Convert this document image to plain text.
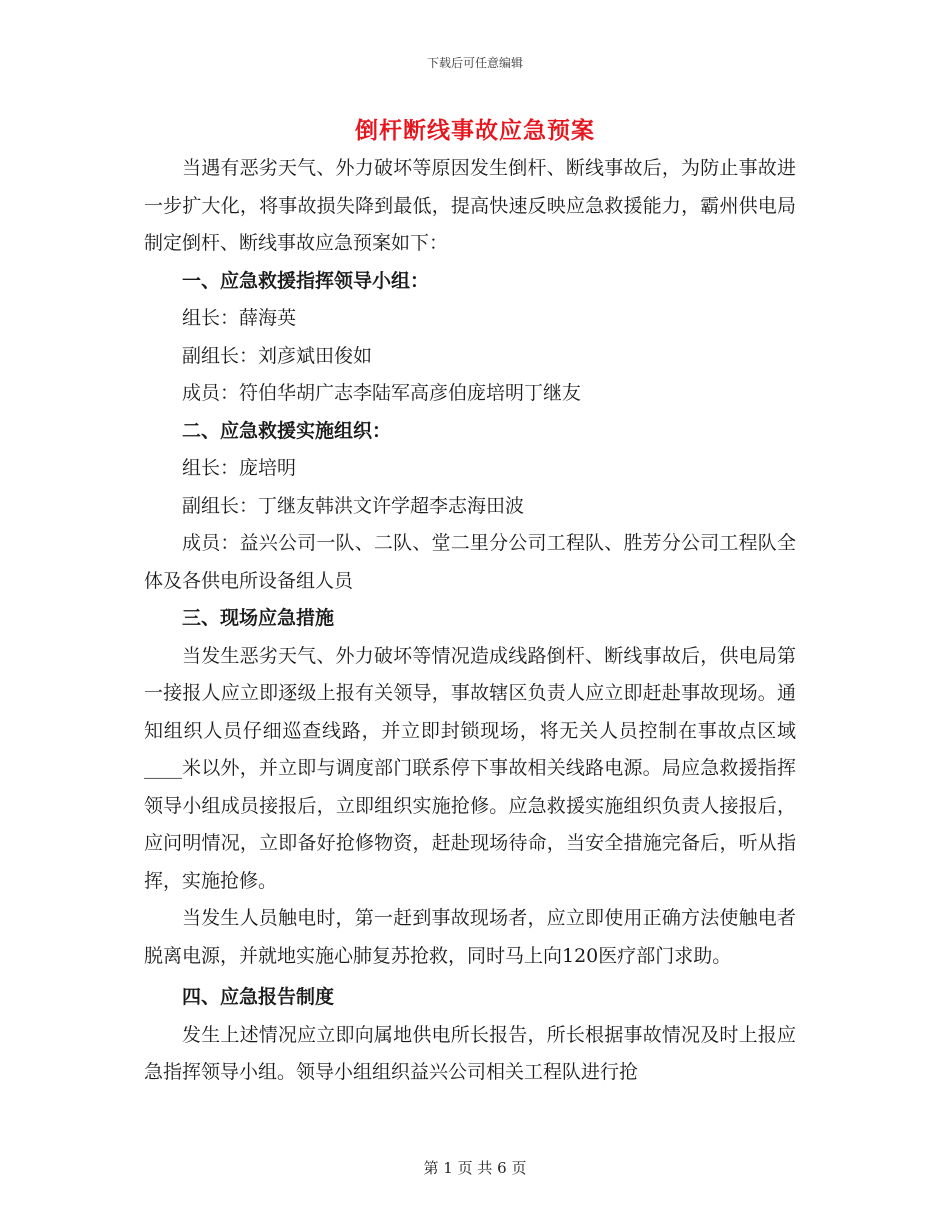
下载后可任意编辑
倒杆断线事故应急预案

当遇有恶劣天气、外力破坏等原因发生倒杆、断线事故后，为防止事故进一步扩大化，将事故损失降到最低，提高快速反映应急救援能力，霸州供电局制定倒杆、断线事故应急预案如下：

一、应急救援指挥领导小组：

组长：薛海英

副组长：刘彦斌田俊如

成员：符伯华胡广志李陆军高彦伯庞培明丁继友

二、应急救援实施组织：

组长：庞培明

副组长：丁继友韩洪文许学超李志海田波

成员：益兴公司一队、二队、堂二里分公司工程队、胜芳分公司工程队全体及各供电所设备组人员

三、现场应急措施

当发生恶劣天气、外力破坏等情况造成线路倒杆、断线事故后，供电局第一接报人应立即逐级上报有关领导，事故辖区负责人应立即赶赴事故现场。通知组织人员仔细巡查线路，并立即封锁现场，将无关人员控制在事故点区域____米以外，并立即与调度部门联系停下事故相关线路电源。局应急救援指挥领导小组成员接报后，立即组织实施抢修。应急救援实施组织负责人接报后，应问明情况，立即备好抢修物资，赶赴现场待命，当安全措施完备后，听从指挥，实施抢修。

当发生人员触电时，第一赶到事故现场者，应立即使用正确方法使触电者脱离电源，并就地实施心肺复苏抢救，同时马上向120医疗部门求助。

四、应急报告制度

发生上述情况应立即向属地供电所长报告，所长根据事故情况及时上报应急指挥领导小组。领导小组组织益兴公司相关工程队进行抢

第 1 页 共 6 页
